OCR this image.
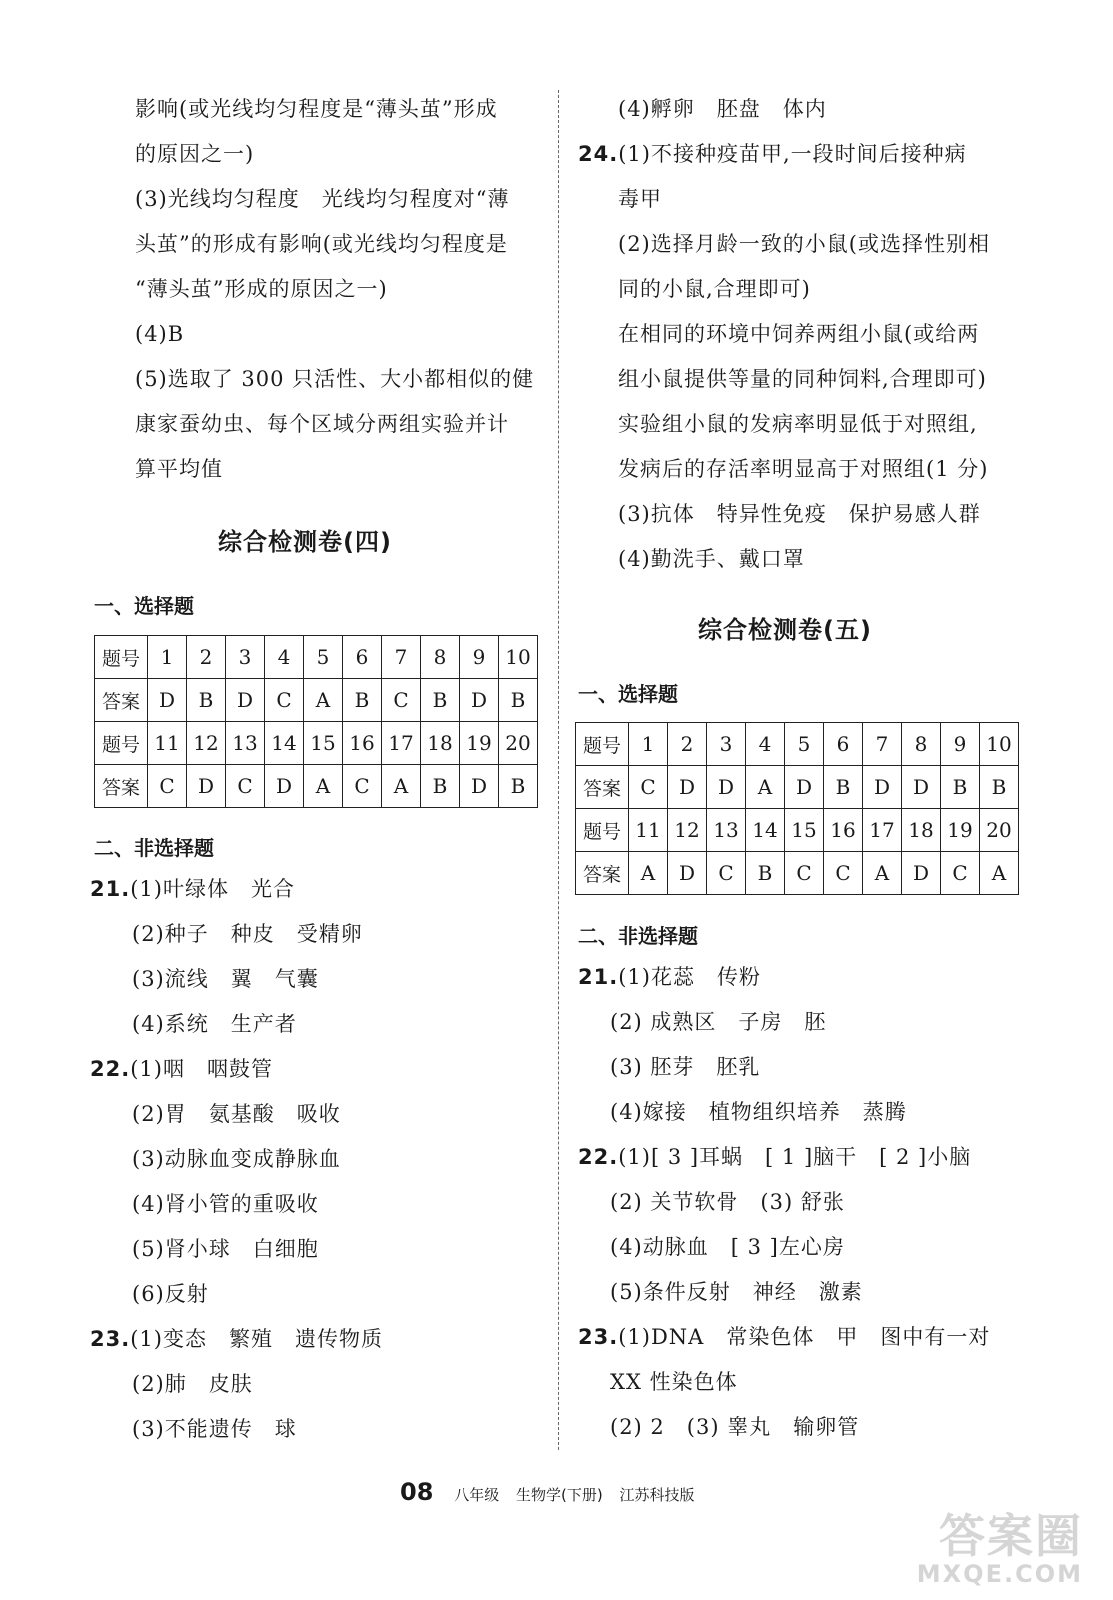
影响(或光线均匀程度是“薄头茧”形成
的原因之一)
(3)光线均匀程度　光线均匀程度对“薄
头茧”的形成有影响(或光线均匀程度是
“薄头茧”形成的原因之一)
(4)B
(5)选取了 300 只活性、大小都相似的健
康家蚕幼虫、每个区域分两组实验并计
算平均值
综合检测卷(四)
一、选择题
题号	1	2	3	4	5	6	7	8	9	10
答案	D	B	D	C	A	B	C	B	D	B
题号	11	12	13	14	15	16	17	18	19	20
答案	C	D	C	D	A	C	A	B	D	B
二、非选择题
21.(1)叶绿体　光合
(2)种子　种皮　受精卵
(3)流线　翼　气囊
(4)系统　生产者
22.(1)咽　咽鼓管
(2)胃　氨基酸　吸收
(3)动脉血变成静脉血
(4)肾小管的重吸收
(5)肾小球　白细胞
(6)反射
23.(1)变态　繁殖　遗传物质
(2)肺　皮肤
(3)不能遗传　球
(4)孵卵　胚盘　体内
24.(1)不接种疫苗甲,一段时间后接种病
毒甲
(2)选择月龄一致的小鼠(或选择性别相
同的小鼠,合理即可)
在相同的环境中饲养两组小鼠(或给两
组小鼠提供等量的同种饲料,合理即可)
实验组小鼠的发病率明显低于对照组,
发病后的存活率明显高于对照组(1 分)
(3)抗体　特异性免疫　保护易感人群
(4)勤洗手、戴口罩
综合检测卷(五)
一、选择题
题号	1	2	3	4	5	6	7	8	9	10
答案	C	D	D	A	D	B	D	D	B	B
题号	11	12	13	14	15	16	17	18	19	20
答案	A	D	C	B	C	C	A	D	C	A
二、非选择题
21.(1)花蕊　传粉
(2) 成熟区　子房　胚
(3) 胚芽　胚乳
(4)嫁接　植物组织培养　蒸腾
22.(1)[ 3 ]耳蜗　[ 1 ]脑干　[ 2 ]小脑
(2) 关节软骨　(3) 舒张
(4)动脉血　[ 3 ]左心房
(5)条件反射　神经　激素
23.(1)DNA　常染色体　甲　图中有一对
XX 性染色体
(2) 2　(3) 睾丸　输卵管
08 八年级 生物学(下册) 江苏科技版
答案圈
MXQE.COM
